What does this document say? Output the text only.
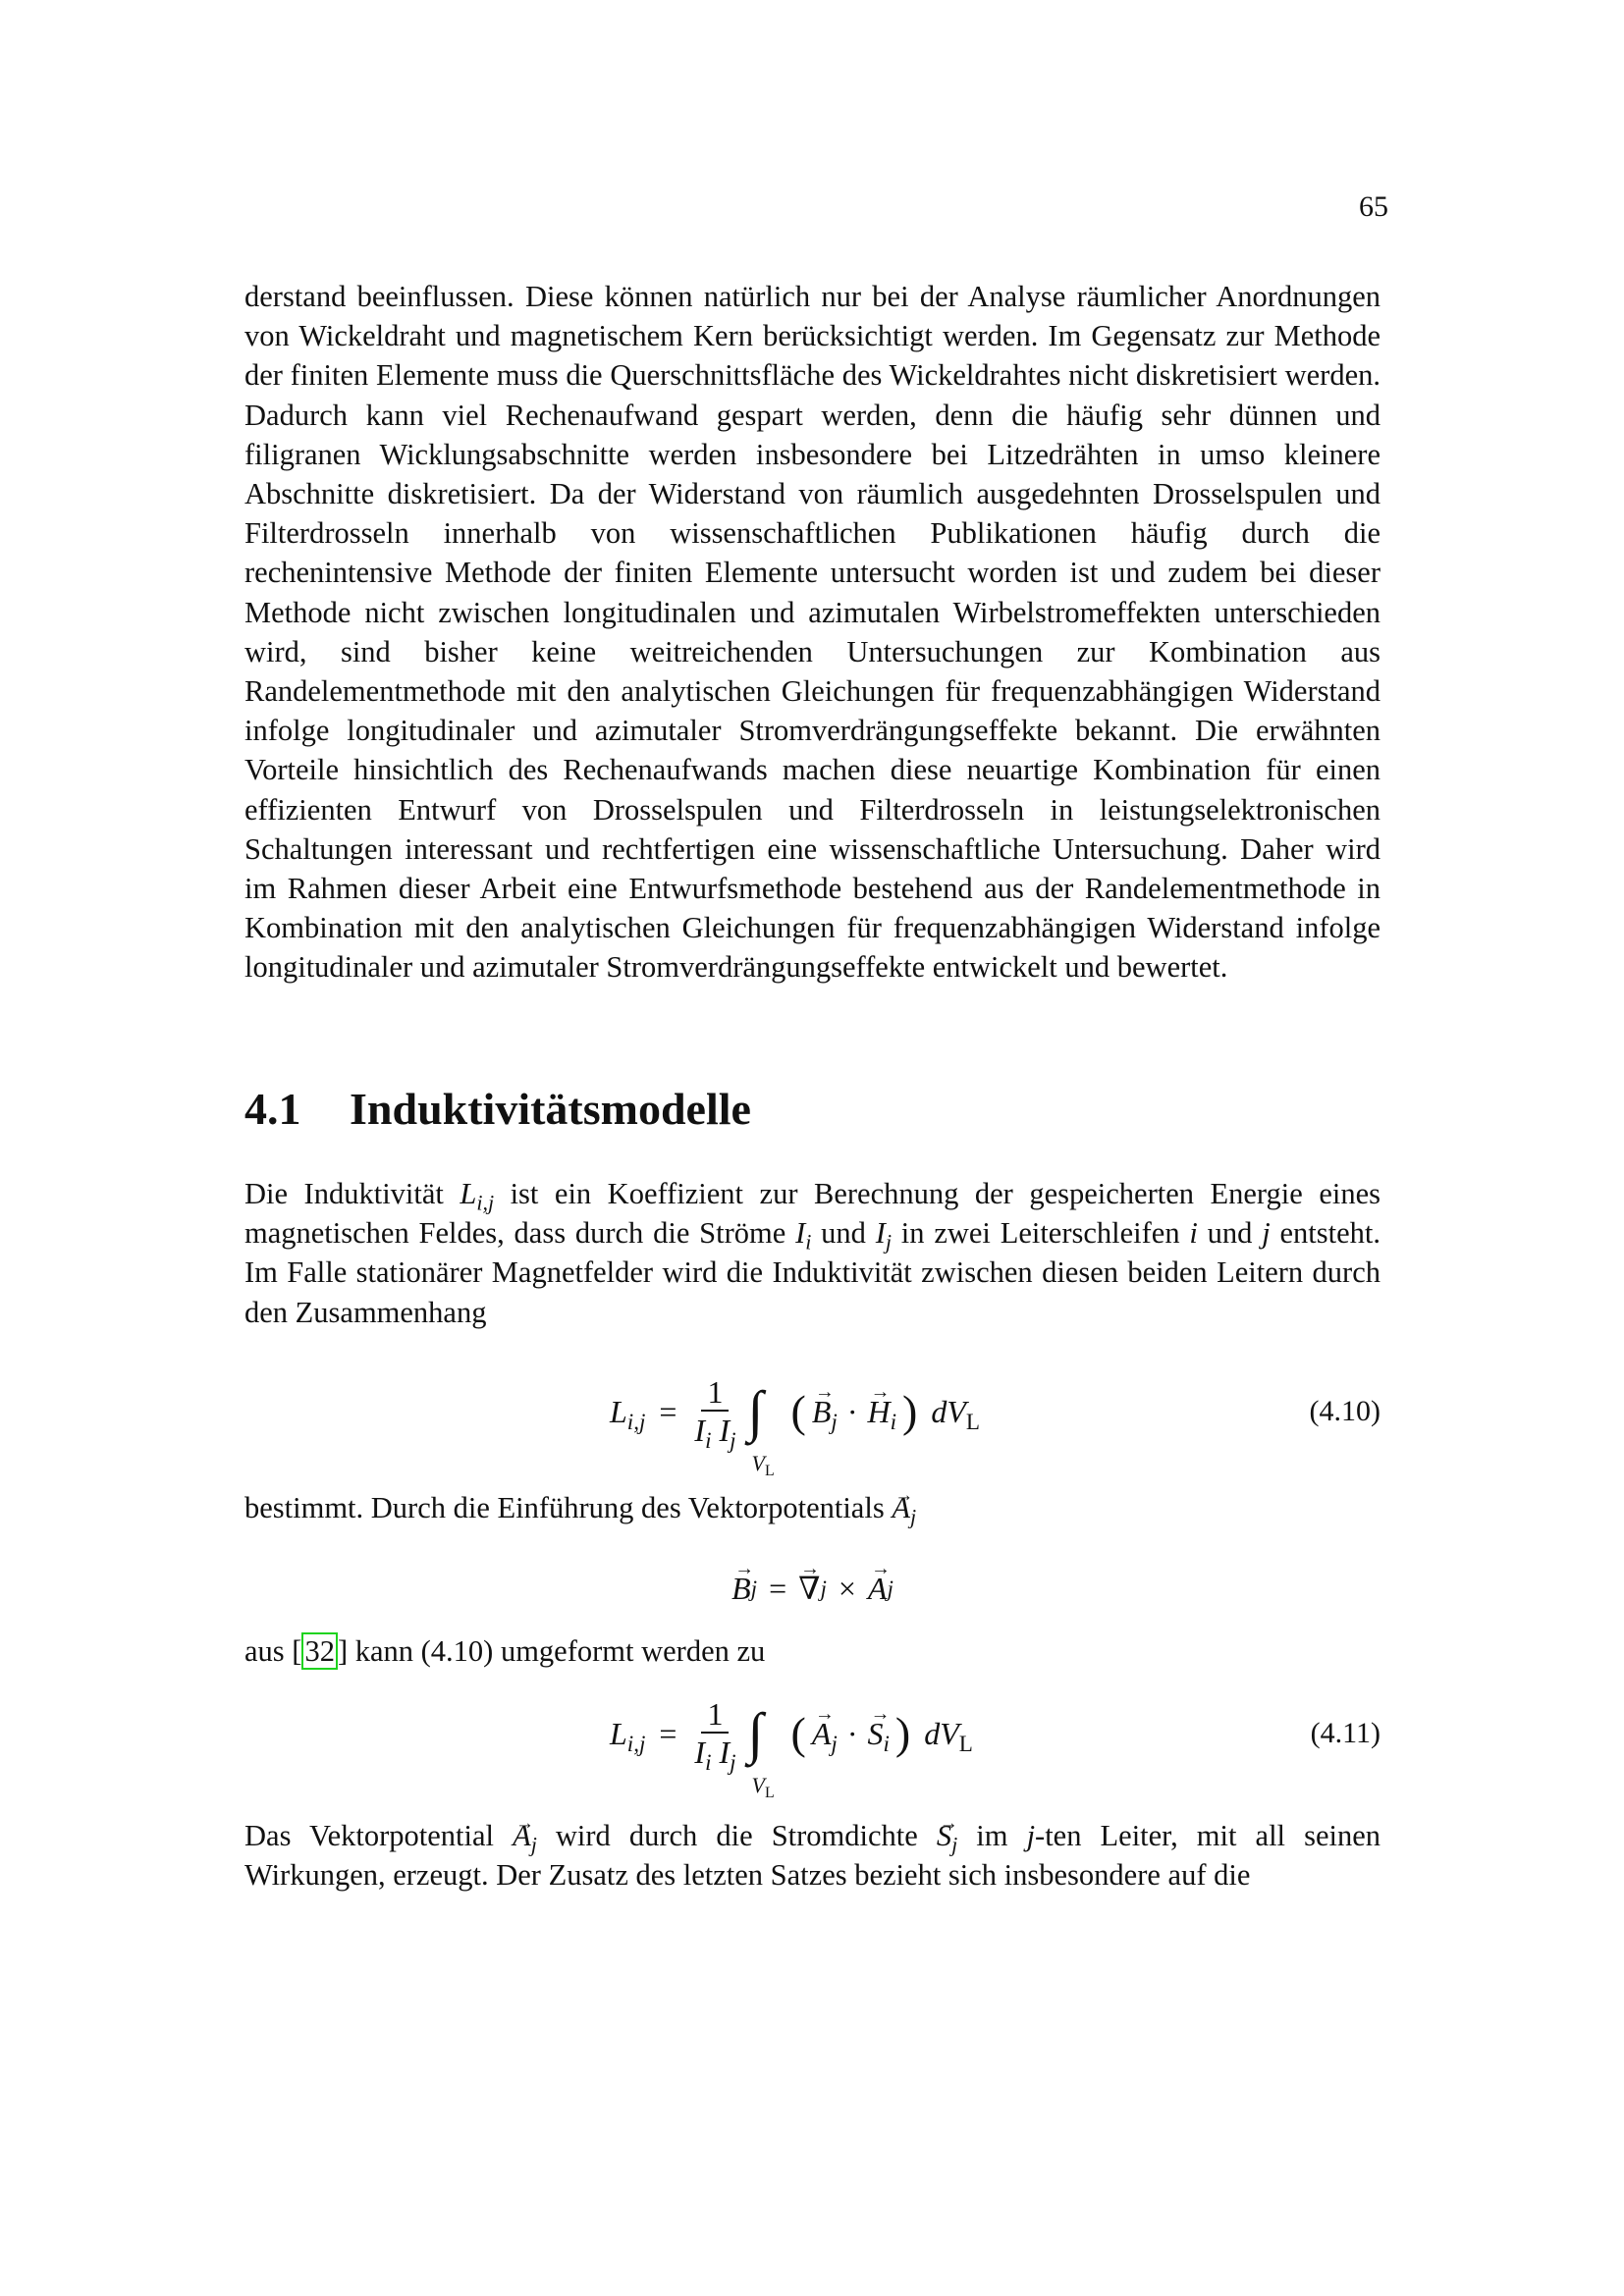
65

derstand beeinflussen. Diese können natürlich nur bei der Analyse räumlicher Anordnungen von Wickeldraht und magnetischem Kern berücksichtigt werden. Im Gegensatz zur Methode der finiten Elemente muss die Querschnittsfläche des Wickeldrahtes nicht diskretisiert werden. Dadurch kann viel Rechenaufwand gespart werden, denn die häufig sehr dünnen und filigranen Wicklungsabschnitte werden insbesondere bei Litzedrähten in umso kleinere Abschnitte diskretisiert. Da der Widerstand von räumlich ausgedehnten Drosselspulen und Filterdrosseln innerhalb von wissenschaftlichen Publikationen häufig durch die rechenintensive Methode der finiten Elemente untersucht worden ist und zudem bei dieser Methode nicht zwischen longitudinalen und azimutalen Wirbelstromeffekten unterschieden wird, sind bisher keine weitreichenden Untersuchungen zur Kombination aus Randelementmethode mit den analytischen Gleichungen für frequenzabhängigen Widerstand infolge longitudinaler und azimutaler Stromverdrängungseffekte bekannt. Die erwähnten Vorteile hinsichtlich des Rechenaufwands machen diese neuartige Kombination für einen effizienten Entwurf von Drosselspulen und Filterdrosseln in leistungselektronischen Schaltungen interessant und rechtfertigen eine wissenschaftliche Untersuchung. Daher wird im Rahmen dieser Arbeit eine Entwurfsmethode bestehend aus der Randelementmethode in Kombination mit den analytischen Gleichungen für frequenzabhängigen Widerstand infolge longitudinaler und azimutaler Stromverdrängungseffekte entwickelt und bewertet.

4.1 Induktivitätsmodelle

Die Induktivität $L_{i,j}$ ist ein Koeffizient zur Berechnung der gespeicherten Energie eines magnetischen Feldes, dass durch die Ströme $I_i$ und $I_j$ in zwei Leiterschleifen i und j entsteht. Im Falle stationärer Magnetfelder wird die Induktivität zwischen diesen beiden Leitern durch den Zusammenhang

$L_{i,j} = \frac{1}{I_i I_j}$ ∫
$V_L$
(
→ $B_j \cdot\to H_i$ ) $dV_L$	(4.10)

bestimmt. Durch die Einführung des Vektorpotentials → $A_j$

→ B j =
→ ∇ j ×
→ A j

aus [32] kann (4.10) umgeformt werden zu

$L_{i,j} = \frac{1}{I_i I_j}$ ∫
$V_L$
(
→ $A_j \cdot\to S_i$ ) $dV_L$	(4.11)

Das Vektorpotential → $A_j$ wird durch die Stromdichte → $S_j$ im j-ten Leiter, mit all seinen Wirkungen, erzeugt. Der Zusatz des letzten Satzes bezieht sich insbesondere auf die
